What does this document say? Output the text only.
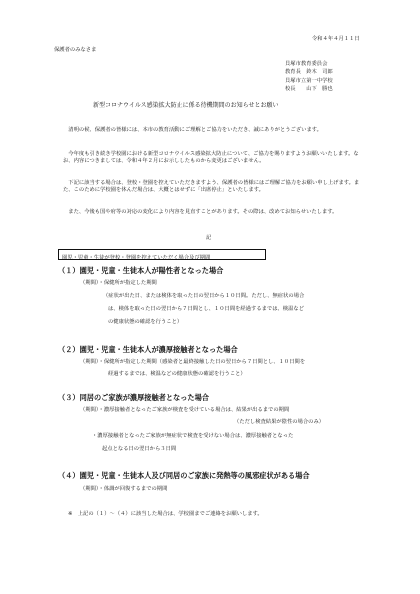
令和４年４月１１日
保護者のみなさま
貝塚市教育委員会
教育長　鈴木　司郎
貝塚市立第一中学校
校長　　山下　勝也
新型コロナウイルス感染拡大防止に係る待機期間のお知らせとお願い
　清明の候、保護者の皆様には、本市の教育活動にご理解とご協力をいただき、誠にありがとうございます。
　今年度も引き続き学校園における新型コロナウイルス感染拡大防止について、ご協力を賜りますようお願いいたします。なお、内容につきましては、令和４年２月にお示ししたものから変更はございません。
　下記に該当する場合は、登校・登園を控えていただきますよう、保護者の皆様にはご理解ご協力をお願い申し上げます。また、このために学校園を休んだ場合は、大概とはせずに「出席停止」といたします。
　また、今後も国や府等の対応の変化により内容を見直すことがあります。その際は、改めてお知らせいたします。
記
園児・児童・生徒が登校・登園を控えていただく場合及び期間
（１）園児・児童・生徒本人が陽性者となった場合
（期間）・保健所が指定した期間
（症状が出た日、または検体を取った日の翌日から１０日間。ただし、無症状の場合
は、検体を取った日の翌日から７日間とし、１０日間を経過するまでは、検温など
の健康状態の確認を行うこと）
（２）園児・児童・生徒本人が濃厚接触者となった場合
（期間）・保健所が指定した期間（感染者と最終接触した日の翌日から７日間とし、１０日間を
経過するまでは、検温などの健康状態の確認を行うこと）
（３）同居のご家族が濃厚接触者となった場合
（期間）・濃厚接触者となったご家族が検査を受けている場合は、結果が出るまでの期間
（ただし検査結果が陰性の場合のみ）
・濃厚接触者となったご家族が無症状で検査を受けない場合は、濃厚接触者となった
起点となる日の翌日から３日間
（４）園児・児童・生徒本人及び同居のご家族に発熱等の風邪症状がある場合
（期間）・体調が回復するまでの期間
※　上記の（１）～（４）に該当した場合は、学校園までご連絡をお願いします。
